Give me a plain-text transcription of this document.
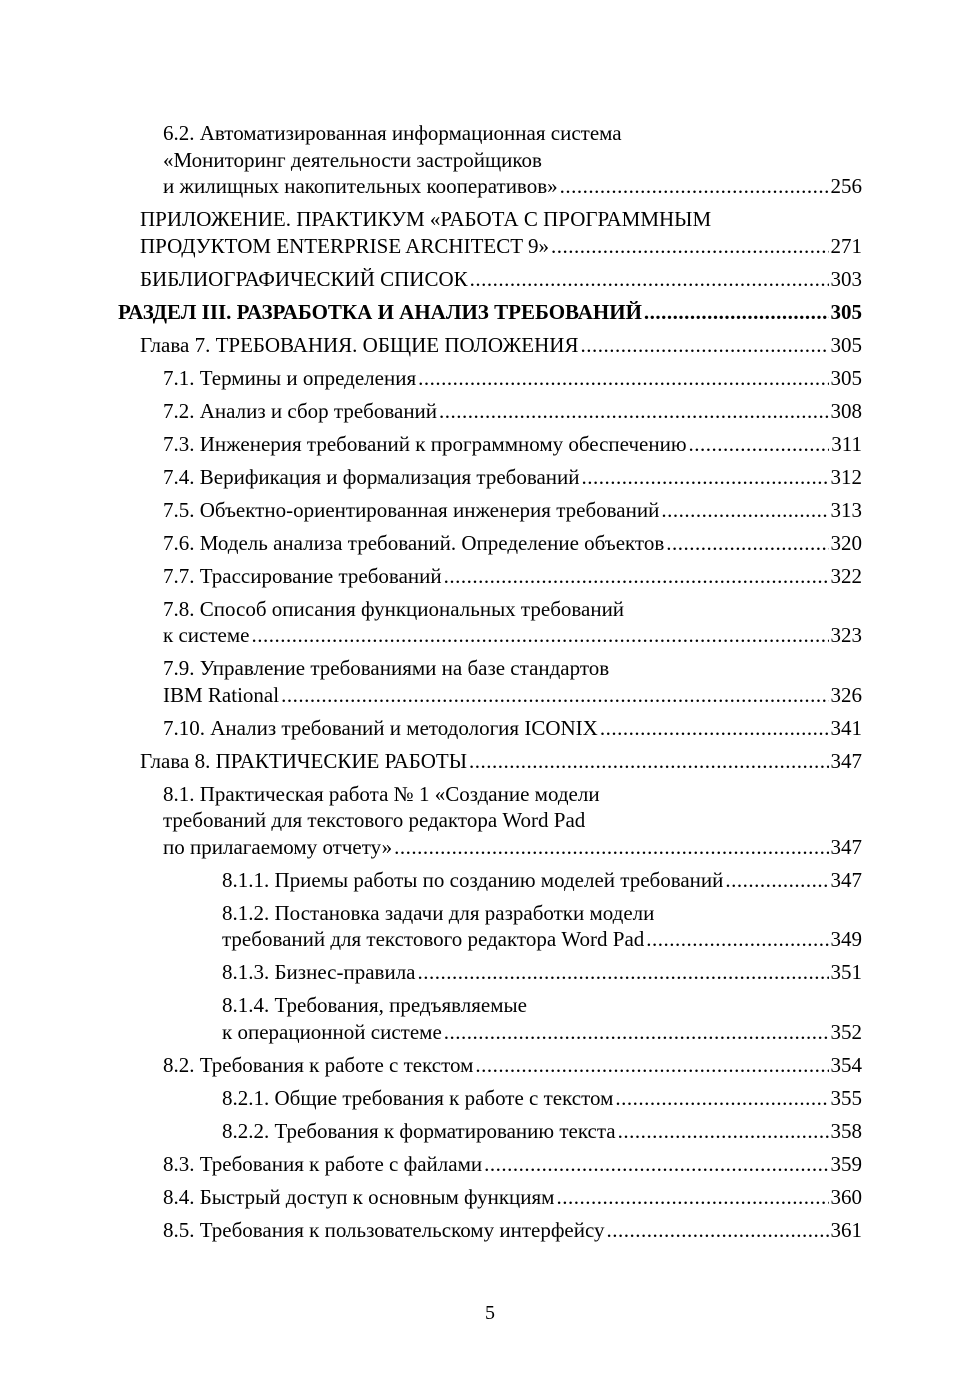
6.2. Автоматизированная информационная система
«Мониторинг деятельности застройщиков
и жилищных накопительных кооперативов» .....	256
ПРИЛОЖЕНИЕ. ПРАКТИКУМ «РАБОТА С ПРОГРАММНЫМ
ПРОДУКТОМ ENTERPRISE ARCHITECT 9» .....	271
БИБЛИОГРАФИЧЕСКИЙ СПИСОК .....	303
РАЗДЕЛ III. РАЗРАБОТКА И АНАЛИЗ ТРЕБОВАНИЙ .....	305
Глава 7. ТРЕБОВАНИЯ. ОБЩИЕ ПОЛОЖЕНИЯ .....	305
7.1. Термины и определения .....	305
7.2. Анализ и сбор требований .....	308
7.3. Инженерия требований к программному обеспечению .....	311
7.4. Верификация и формализация требований .....	312
7.5. Объектно-ориентированная инженерия требований .....	313
7.6. Модель анализа требований. Определение объектов .....	320
7.7. Трассирование требований .....	322
7.8. Способ описания функциональных требований
к системе .....	323
7.9. Управление требованиями на базе стандартов
IBM Rational .....	326
7.10. Анализ требований и методология ICONIX .....	341
Глава 8. ПРАКТИЧЕСКИЕ РАБОТЫ .....	347
8.1. Практическая работа № 1 «Создание модели
требований для текстового редактора Word Pad
по прилагаемому отчету» .....	347
8.1.1. Приемы работы по созданию моделей требований .....	347
8.1.2. Постановка задачи для разработки модели
требований для текстового редактора Word Pad .....	349
8.1.3. Бизнес-правила .....	351
8.1.4. Требования, предъявляемые
к операционной системе .....	352
8.2. Требования к работе с текстом .....	354
8.2.1. Общие требования к работе с текстом .....	355
8.2.2. Требования к форматированию текста .....	358
8.3. Требования к работе с файлами .....	359
8.4. Быстрый доступ к основным функциям .....	360
8.5. Требования к пользовательскому интерфейсу .....	361
5
